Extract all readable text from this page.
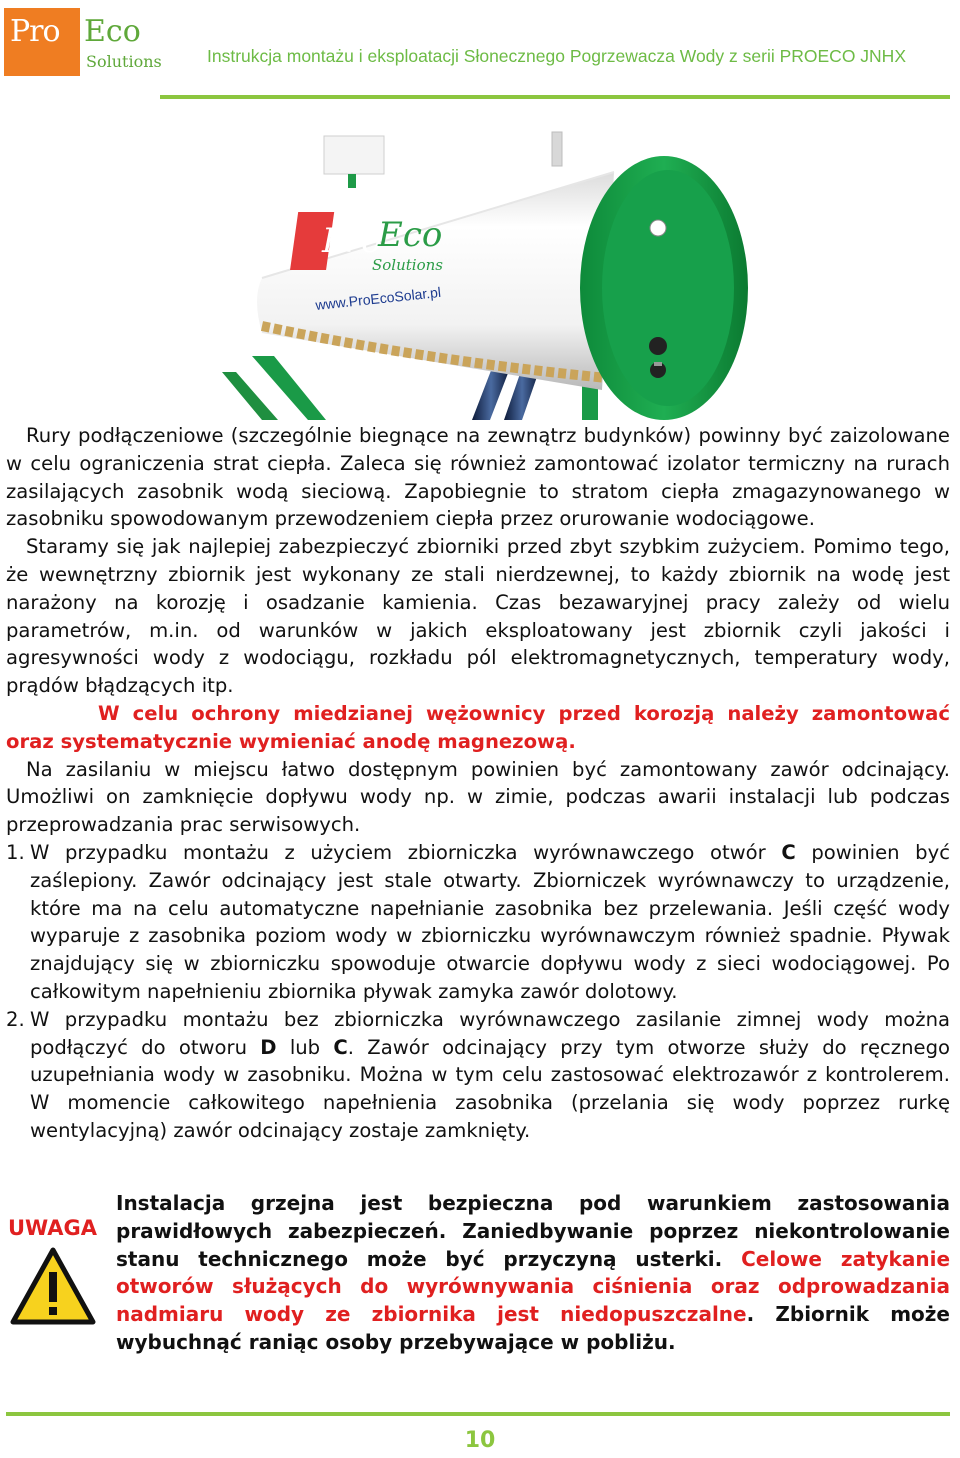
Pro Eco
Solutions	Instrukcja montażu i eksploatacji Słonecznego Pogrzewacza Wody z serii PROECO JNHX
Pro
Eco
Solutions
www.ProEcoSolar.pl

Rury podłączeniowe (szczególnie biegnące na zewnątrz budynków) powinny być zaizolowane w celu ograniczenia strat ciepła. Zaleca się również zamontować izolator termiczny na rurach zasilających zasobnik wodą sieciową. Zapobiegnie to stratom ciepła zmagazynowanego w zasobniku spowodowanym przewodzeniem ciepła przez orurowanie wodociągowe.

Staramy się jak najlepiej zabezpieczyć zbiorniki przed zbyt szybkim zużyciem. Pomimo tego, że wewnętrzny zbiornik jest wykonany ze stali nierdzewnej, to każdy zbiornik na wodę jest narażony na korozję i osadzanie kamienia. Czas bezawaryjnej pracy zależy od wielu parametrów, m.in. od warunków w jakich eksploatowany jest zbiornik czyli jakości i agresywności wody z wodociągu, rozkładu pól elektromagnetycznych, temperatury wody, prądów błądzących itp.

W celu ochrony miedzianej wężownicy przed korozją należy zamontować oraz systematycznie wymieniać anodę magnezową.

Na zasilaniu w miejscu łatwo dostępnym powinien być zamontowany zawór odcinający. Umożliwi on zamknięcie dopływu wody np. w zimie, podczas awarii instalacji lub podczas przeprowadzania prac serwisowych.

1. W przypadku montażu z użyciem zbiorniczka wyrównawczego otwór C powinien być zaślepiony. Zawór odcinający jest stale otwarty. Zbiorniczek wyrównawczy to urządzenie, które ma na celu automatyczne napełnianie zasobnika bez przelewania. Jeśli część wody wyparuje z zasobnika poziom wody w zbiorniczku wyrównawczym również spadnie. Pływak znajdujący się w zbiorniczku spowoduje otwarcie dopływu wody z sieci wodociągowej. Po całkowitym napełnieniu zbiornika pływak zamyka zawór dolotowy.
2. W przypadku montażu bez zbiorniczka wyrównawczego zasilanie zimnej wody można podłączyć do otworu D lub C. Zawór odcinający przy tym otworze służy do ręcznego uzupełniania wody w zasobniku. Można w tym celu zastosować elektrozawór z kontrolerem. W momencie całkowitego napełnienia zasobnika (przelania się wody poprzez rurkę wentylacyjną) zawór odcinający zostaje zamknięty.
UWAGA
Instalacja grzejna jest bezpieczna pod warunkiem zastosowania prawidłowych zabezpieczeń. Zaniedbywanie poprzez niekontrolowanie stanu technicznego może być przyczyną usterki. Celowe zatykanie otworów służących do wyrównywania ciśnienia oraz odprowadzania nadmiaru wody ze zbiornika jest niedopuszczalne. Zbiornik może wybuchnąć raniąc osoby przebywające w pobliżu.
10
